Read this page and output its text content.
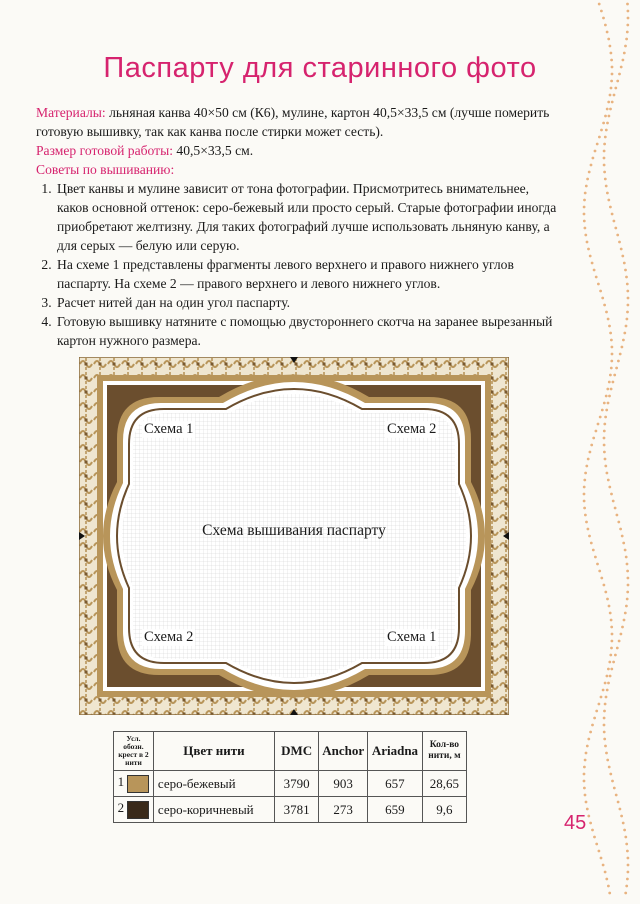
Паспарту для старинного фото

Материалы: льняная канва 40×50 см (К6), мулине, картон 40,5×33,5 см (лучше померить готовую вышивку, так как канва после стирки может сесть).

Размер готовой работы: 40,5×33,5 см.

Советы по вышиванию:

1. Цвет канвы и мулине зависит от тона фотографии. Присмотритесь внимательнее, каков основной оттенок: серо-бежевый или просто серый. Старые фотографии иногда приобретают желтизну. Для таких фотографий лучше использовать льняную канву, а для серых — белую или серую.
2. На схеме 1 представлены фрагменты левого верхнего и правого нижнего углов паспарту. На схеме 2 — правого верхнего и левого нижнего углов.
3. Расчет нитей дан на один угол паспарту.
4. Готовую вышивку натяните с помощью двустороннего скотча на заранее вырезанный картон нужного размера.
Схема 1	Схема 2
Схема 2	Схема 1
Схема вышивания паспарту
Усл. обозн. крест в 2 нити	Цвет нити	DMC	Anchor	Ariadna	Кол-во нити, м
1	серо-бежевый	3790	903	657	28,65
2	серо-коричневый	3781	273	659	9,6
45
